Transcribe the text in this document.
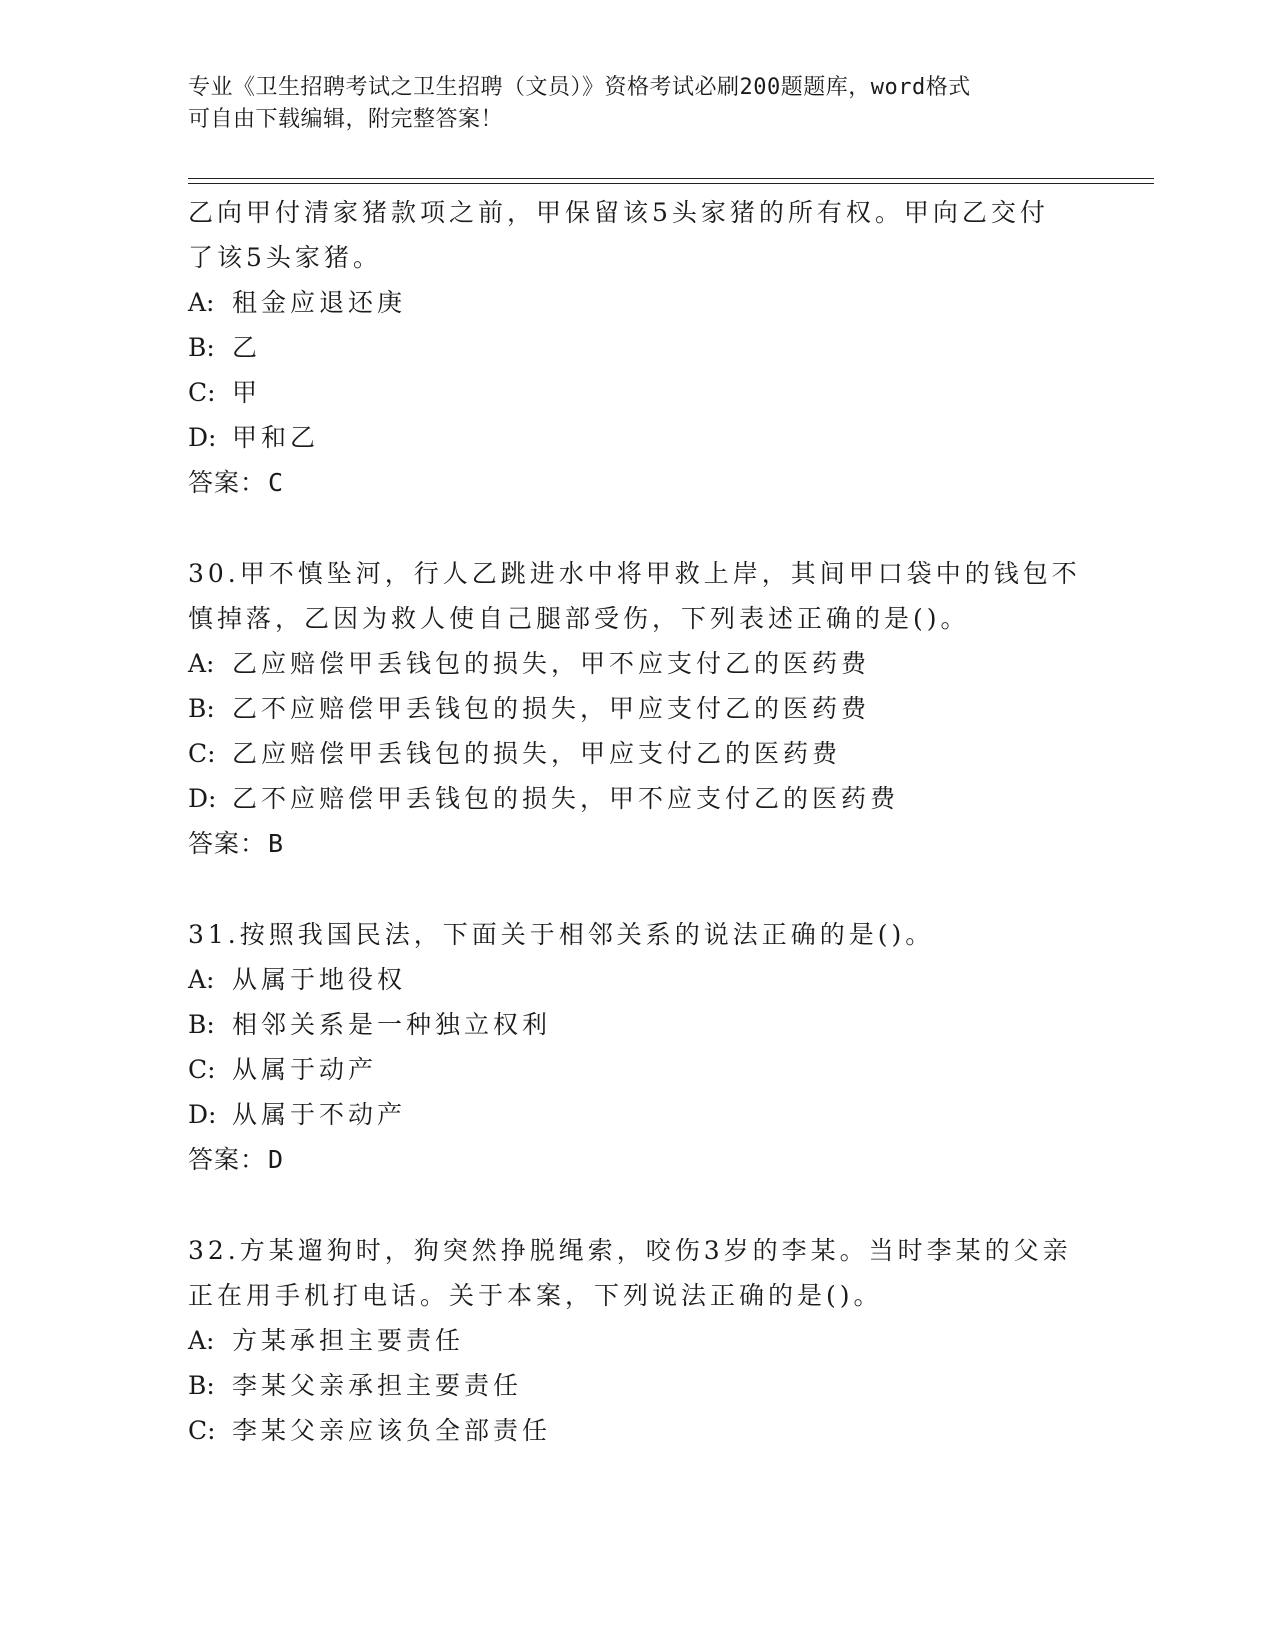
专业《卫生招聘考试之卫生招聘（文员）》资格考试必刷200题题库，word格式
可自由下载编辑，附完整答案！
乙向甲付清家猪款项之前，甲保留该5头家猪的所有权。甲向乙交付
了该5头家猪。
A: 租金应退还庚
B: 乙
C: 甲
D: 甲和乙
答案：C
30.甲不慎坠河，行人乙跳进水中将甲救上岸，其间甲口袋中的钱包不
慎掉落，乙因为救人使自己腿部受伤，下列表述正确的是()。
A: 乙应赔偿甲丢钱包的损失，甲不应支付乙的医药费
B: 乙不应赔偿甲丢钱包的损失，甲应支付乙的医药费
C: 乙应赔偿甲丢钱包的损失，甲应支付乙的医药费
D: 乙不应赔偿甲丢钱包的损失，甲不应支付乙的医药费
答案：B
31.按照我国民法，下面关于相邻关系的说法正确的是()。
A: 从属于地役权
B: 相邻关系是一种独立权利
C: 从属于动产
D: 从属于不动产
答案：D
32.方某遛狗时，狗突然挣脱绳索，咬伤3岁的李某。当时李某的父亲
正在用手机打电话。关于本案，下列说法正确的是()。
A: 方某承担主要责任
B: 李某父亲承担主要责任
C: 李某父亲应该负全部责任
